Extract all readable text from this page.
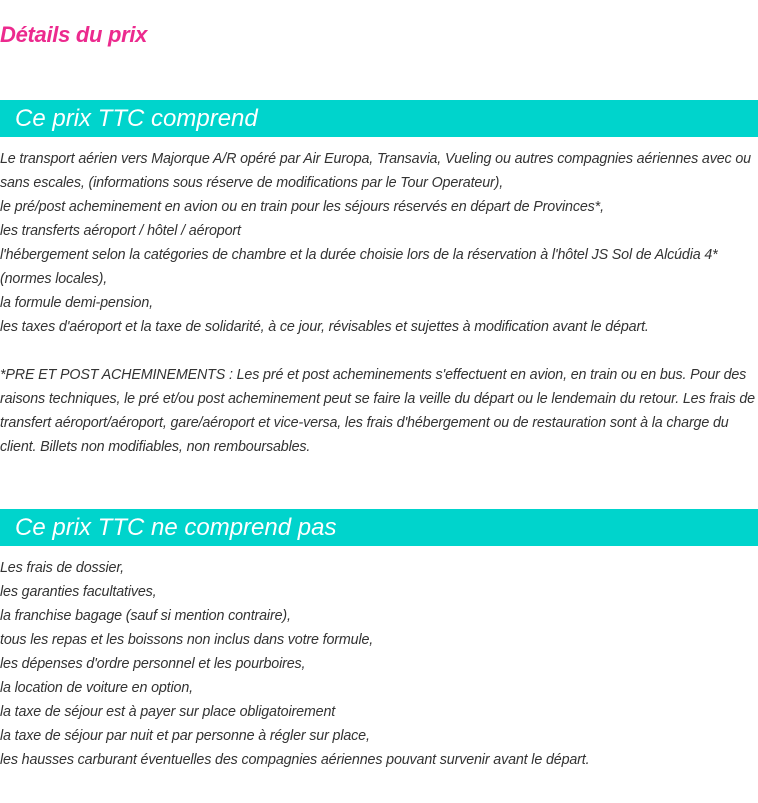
Détails du prix
Ce prix TTC comprend

Le transport aérien vers Majorque A/R opéré par Air Europa, Transavia, Vueling ou autres compagnies aériennes avec ou sans escales, (informations sous réserve de modifications par le Tour Operateur),

le pré/post acheminement en avion ou en train pour les séjours réservés en départ de Provinces*,

les transferts aéroport / hôtel / aéroport

l'hébergement selon la catégories de chambre et la durée choisie lors de la réservation à l'hôtel JS Sol de Alcúdia 4* (normes locales),

la formule demi-pension,

les taxes d'aéroport et la taxe de solidarité, à ce jour, révisables et sujettes à modification avant le départ.

*PRE ET POST ACHEMINEMENTS : Les pré et post acheminements s'effectuent en avion, en train ou en bus. Pour des raisons techniques, le pré et/ou post acheminement peut se faire la veille du départ ou le lendemain du retour. Les frais de transfert aéroport/aéroport, gare/aéroport et vice-versa, les frais d'hébergement ou de restauration sont à la charge du client. Billets non modifiables, non remboursables.

Ce prix TTC ne comprend pas

Les frais de dossier,

les garanties facultatives,

la franchise bagage (sauf si mention contraire),

tous les repas et les boissons non inclus dans votre formule,

les dépenses d'ordre personnel et les pourboires,

la location de voiture en option,

la taxe de séjour est à payer sur place obligatoirement

la taxe de séjour par nuit et par personne à régler sur place,

les hausses carburant éventuelles des compagnies aériennes pouvant survenir avant le départ.
